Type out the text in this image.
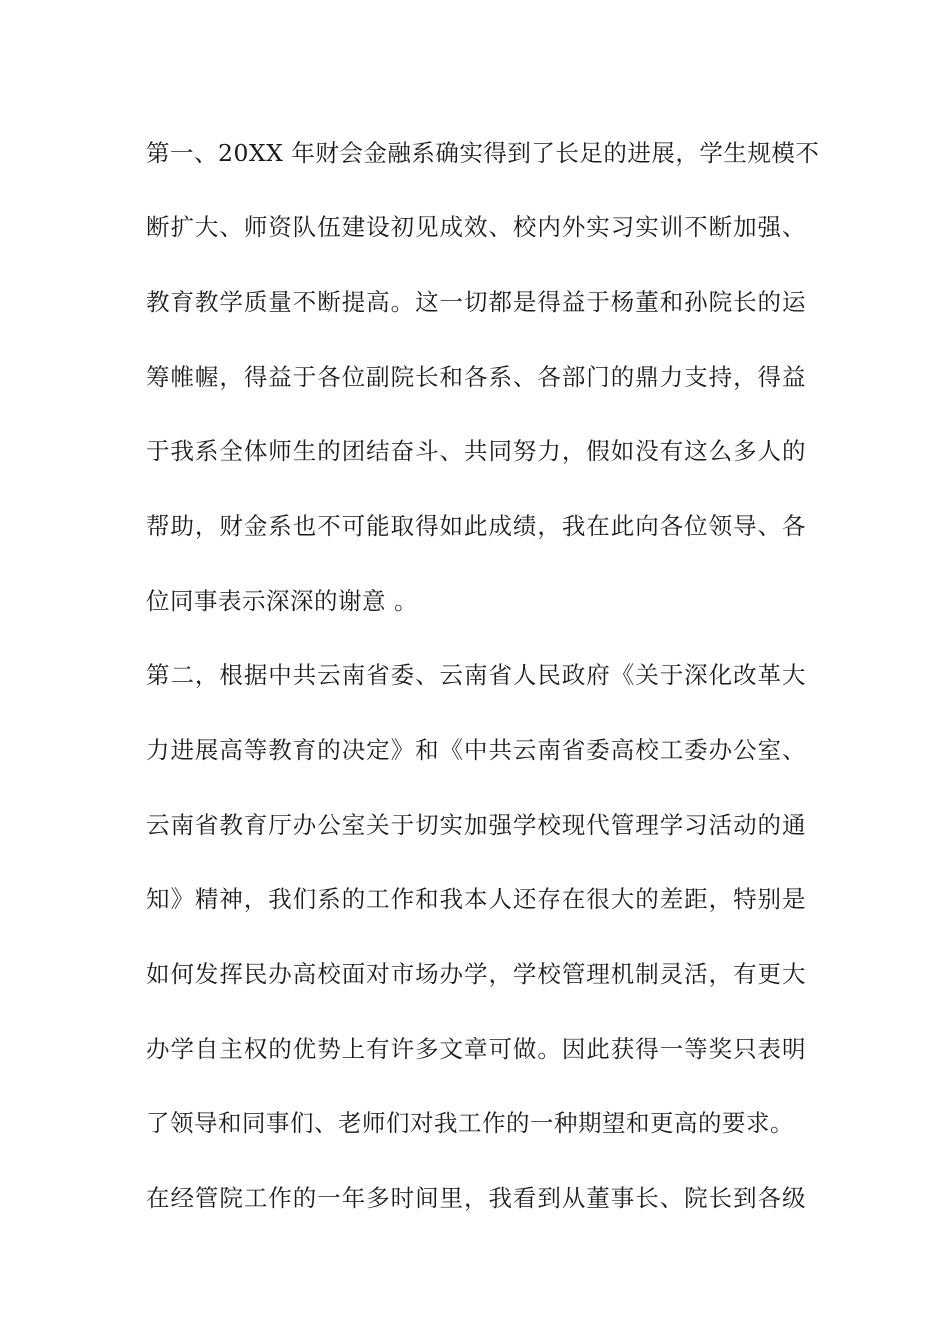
第一、20XX 年财会金融系确实得到了长足的进展，学生规模不
断扩大、师资队伍建设初见成效、校内外实习实训不断加强、
教育教学质量不断提高。这一切都是得益于杨董和孙院长的运
筹帷幄，得益于各位副院长和各系、各部门的鼎力支持，得益
于我系全体师生的团结奋斗、共同努力，假如没有这么多人的
帮助，财金系也不可能取得如此成绩，我在此向各位领导、各
位同事表示深深的谢意 。
第二，根据中共云南省委、云南省人民政府《关于深化改革大
力进展高等教育的决定》和《中共云南省委高校工委办公室、
云南省教育厅办公室关于切实加强学校现代管理学习活动的通
知》精神，我们系的工作和我本人还存在很大的差距，特别是
如何发挥民办高校面对市场办学，学校管理机制灵活，有更大
办学自主权的优势上有许多文章可做。因此获得一等奖只表明
了领导和同事们、老师们对我工作的一种期望和更高的要求。
在经管院工作的一年多时间里，我看到从董事长、院长到各级
